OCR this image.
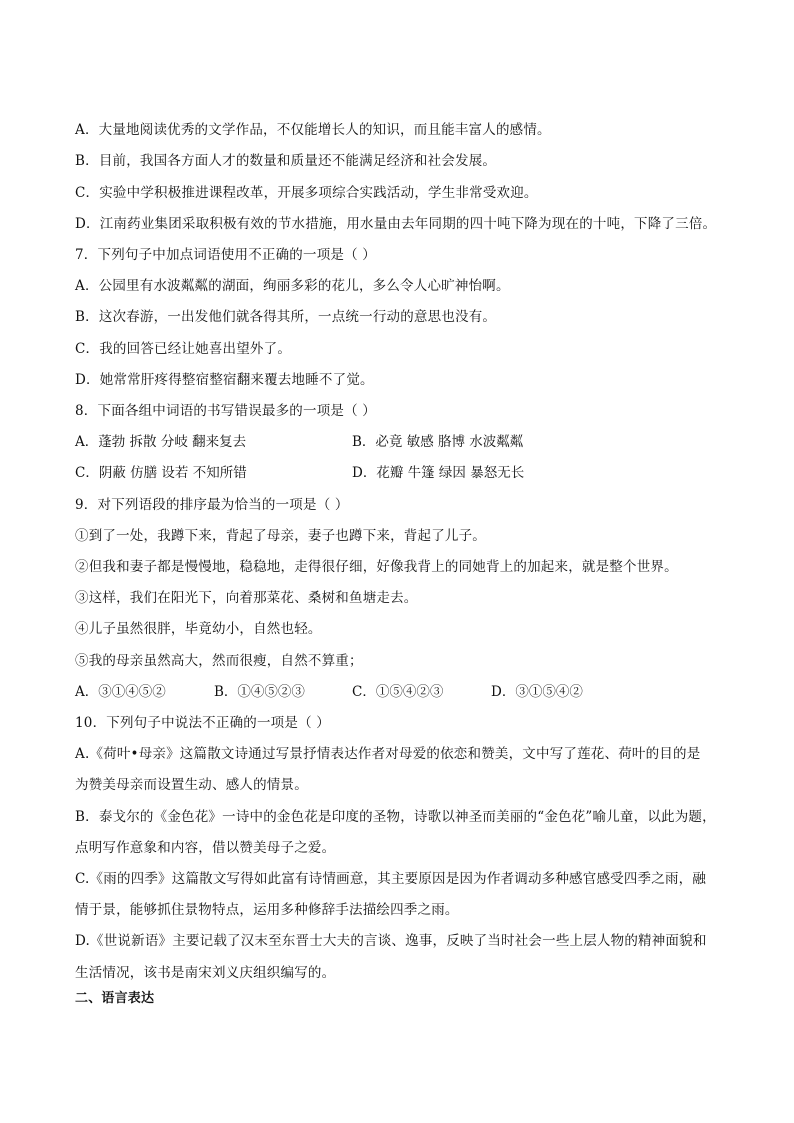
A．大量地阅读优秀的文学作品，不仅能增长人的知识，而且能丰富人的感情。
B．目前，我国各方面人才的数量和质量还不能满足经济和社会发展。
C．实验中学积极推进课程改革，开展多项综合实践活动，学生非常受欢迎。
D．江南药业集团采取积极有效的节水措施，用水量由去年同期的四十吨下降为现在的十吨，下降了三倍。
7．下列句子中加点词语使用不正确的一项是（ ）
A．公园里有水波粼粼的湖面，绚丽多彩的花儿，多么令人心旷神怡啊。
B．这次春游，一出发他们就各得其所，一点统一行动的意思也没有。
C．我的回答已经让她喜出望外了。
D．她常常肝疼得整宿整宿翻来覆去地睡不了觉。
8．下面各组中词语的书写错误最多的一项是（ ）
A．蓬勃 拆散 分岐 翻来复去	B．必竟 敏感 胳博 水波粼粼
C．阴蔽 仿膳 设若 不知所错	D．花瓣 牛篷 绿因 暴怒无长
9．对下列语段的排序最为恰当的一项是（ ）
①到了一处，我蹲下来，背起了母亲，妻子也蹲下来，背起了儿子。
②但我和妻子都是慢慢地，稳稳地，走得很仔细，好像我背上的同她背上的加起来，就是整个世界。
③这样，我们在阳光下，向着那菜花、桑树和鱼塘走去。
④儿子虽然很胖，毕竟幼小，自然也轻。
⑤我的母亲虽然高大，然而很瘦，自然不算重；
A．③①④⑤②	B．①④⑤②③	C．①⑤④②③	D．③①⑤④②
10．下列句子中说法不正确的一项是（ ）
A.《荷叶•母亲》这篇散文诗通过写景抒情表达作者对母爱的依恋和赞美，文中写了莲花、荷叶的目的是
为赞美母亲而设置生动、感人的情景。
B．泰戈尔的《金色花》一诗中的金色花是印度的圣物，诗歌以神圣而美丽的“金色花”喻儿童，以此为题，
点明写作意象和内容，借以赞美母子之爱。
C.《雨的四季》这篇散文写得如此富有诗情画意，其主要原因是因为作者调动多种感官感受四季之雨，融
情于景，能够抓住景物特点，运用多种修辞手法描绘四季之雨。
D.《世说新语》主要记载了汉末至东晋士大夫的言谈、逸事，反映了当时社会一些上层人物的精神面貌和
生活情况，该书是南宋刘义庆组织编写的。
二、语言表达
